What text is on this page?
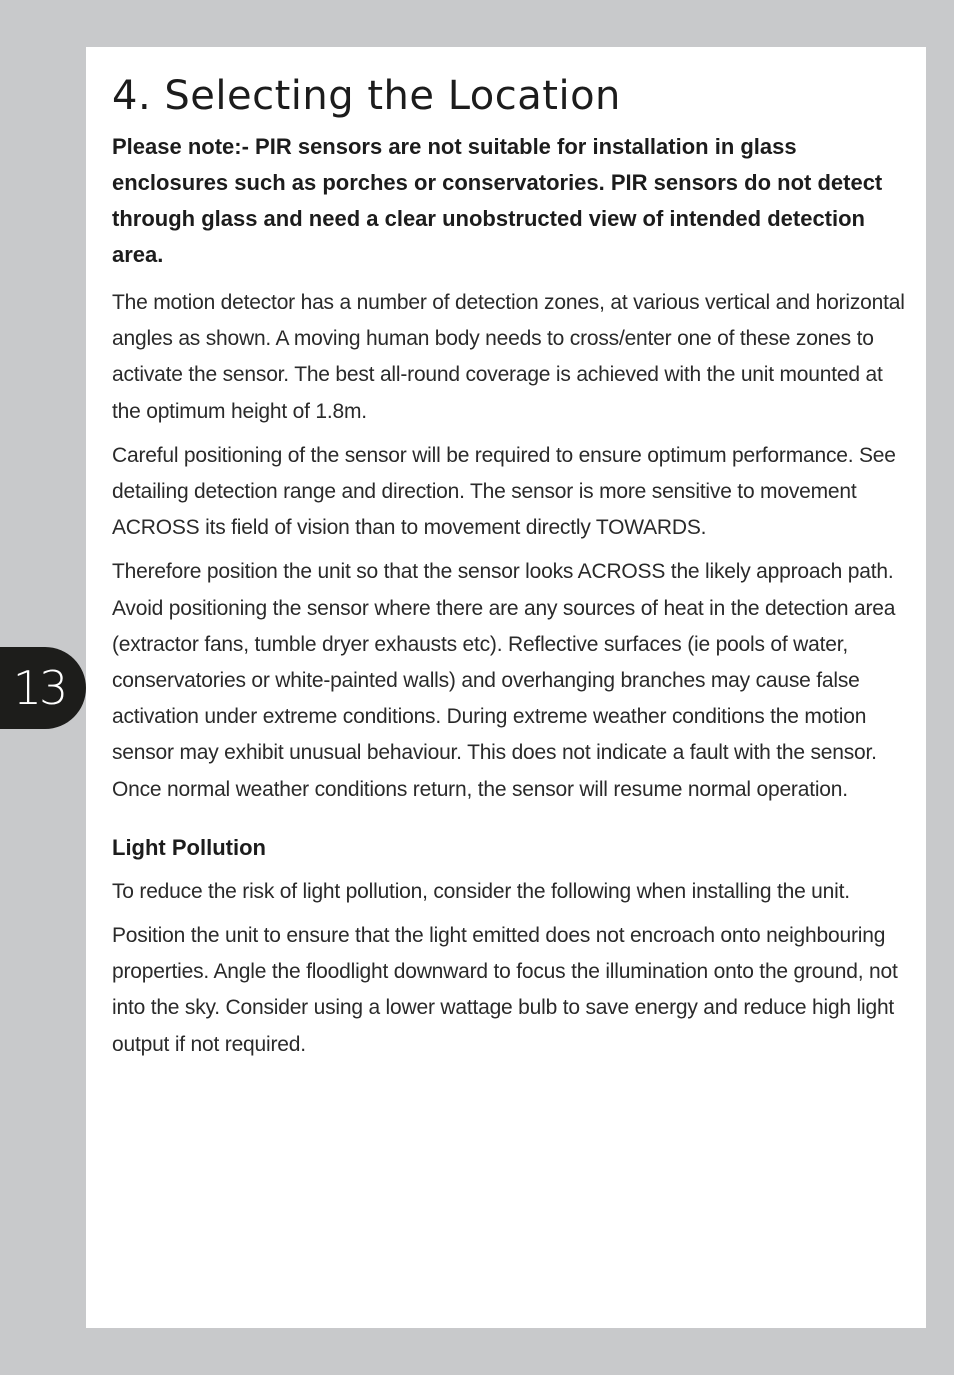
4. Selecting the Location

Please note:- PIR sensors are not suitable for installation in glass enclosures such as porches or conservatories. PIR sensors do not detect through glass and need a clear unobstructed view of intended detection area.

The motion detector has a number of detection zones, at various vertical and horizontal angles as shown. A moving human body needs to cross/enter one of these zones to activate the sensor. The best all-round coverage is achieved with the unit mounted at the optimum height of 1.8m.

Careful positioning of the sensor will be required to ensure optimum performance. See detailing detection range and direction. The sensor is more sensitive to movement ACROSS its field of vision than to movement directly TOWARDS.

Therefore position the unit so that the sensor looks ACROSS the likely approach path. Avoid positioning the sensor where there are any sources of heat in the detection area (extractor fans, tumble dryer exhausts etc). Reflective surfaces (ie pools of water, conservatories or white-painted walls) and overhanging branches may cause false activation under extreme conditions. During extreme weather conditions the motion sensor may exhibit unusual behaviour. This does not indicate a fault with the sensor. Once normal weather conditions return, the sensor will resume normal operation.

Light Pollution

To reduce the risk of light pollution, consider the following when installing the unit.

Position the unit to ensure that the light emitted does not encroach onto neighbouring properties. Angle the floodlight downward to focus the illumination onto the ground, not into the sky. Consider using a lower wattage bulb to save energy and reduce high light output if not required.

13
